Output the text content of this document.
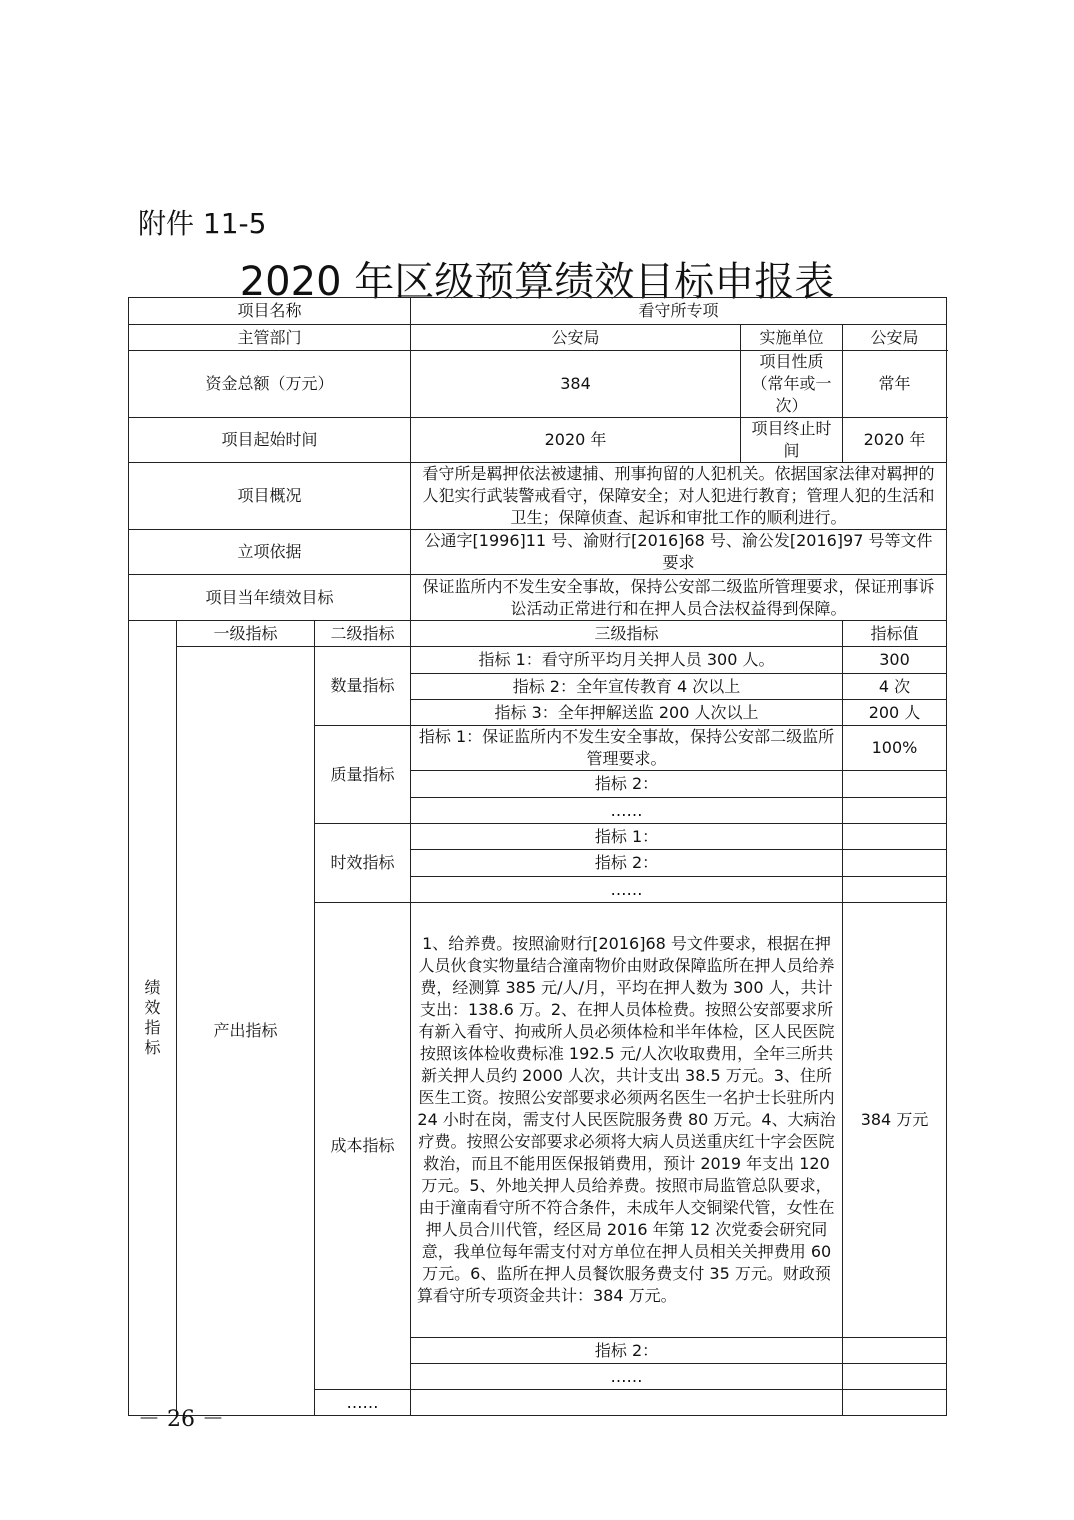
附件 11-5
2020 年区级预算绩效目标申报表
项目名称			看守所专项		
主管部门			公安局	实施单位	公安局
资金总额（万元）			384	项目性质（常年或一次）	常年
项目起始时间			2020 年	项目终止时间	2020 年
项目概况			看守所是羁押依法被逮捕、刑事拘留的人犯机关。依据国家法律对羁押的人犯实行武装警戒看守，保障安全；对人犯进行教育；管理人犯的生活和卫生；保障侦查、起诉和审批工作的顺利进行。		
立项依据			公通字[1996]11 号、渝财行[2016]68 号、渝公发[2016]97 号等文件要求		
项目当年绩效目标			保证监所内不发生安全事故，保持公安部二级监所管理要求，保证刑事诉讼活动正常进行和在押人员合法权益得到保障。		

绩效指标	一级指标	二级指标	三级指标		指标值
	产出指标	数量指标	指标 1：看守所平均月关押人员 300 人。		300
			指标 2：全年宣传教育 4 次以上		4 次
			指标 3：全年押解送监 200 人次以上		200 人
		质量指标	指标 1：保证监所内不发生安全事故，保持公安部二级监所管理要求。		100%
			指标 2：		
			……		
		时效指标	指标 1：		
			指标 2：		
			……		
		成本指标	1、给养费。按照渝财行[2016]68 号文件要求，根据在押人员伙食实物量结合潼南物价由财政保障监所在押人员给养费，经测算 385 元/人/月，平均在押人数为 300 人，共计支出：138.6 万。2、在押人员体检费。按照公安部要求所有新入看守、拘戒所人员必须体检和半年体检，区人民医院按照该体检收费标准 192.5 元/人次收取费用，全年三所共新关押人员约 2000 人次，共计支出 38.5 万元。3、住所医生工资。按照公安部要求必须两名医生一名护士长驻所内 24 小时在岗，需支付人民医院服务费 80 万元。4、大病治疗费。按照公安部要求必须将大病人员送重庆红十字会医院救治，而且不能用医保报销费用，预计 2019 年支出 120 万元。5、外地关押人员给养费。按照市局监管总队要求，由于潼南看守所不符合条件，未成年人交铜梁代管，女性在押人员合川代管，经区局 2016 年第 12 次党委会研究同意，我单位每年需支付对方单位在押人员相关关押费用 60 万元。6、监所在押人员餐饮服务费支付 35 万元。财政预算看守所专项资金共计：384 万元。		384 万元
			指标 2：		
			……		
		……			
－ 26 －
